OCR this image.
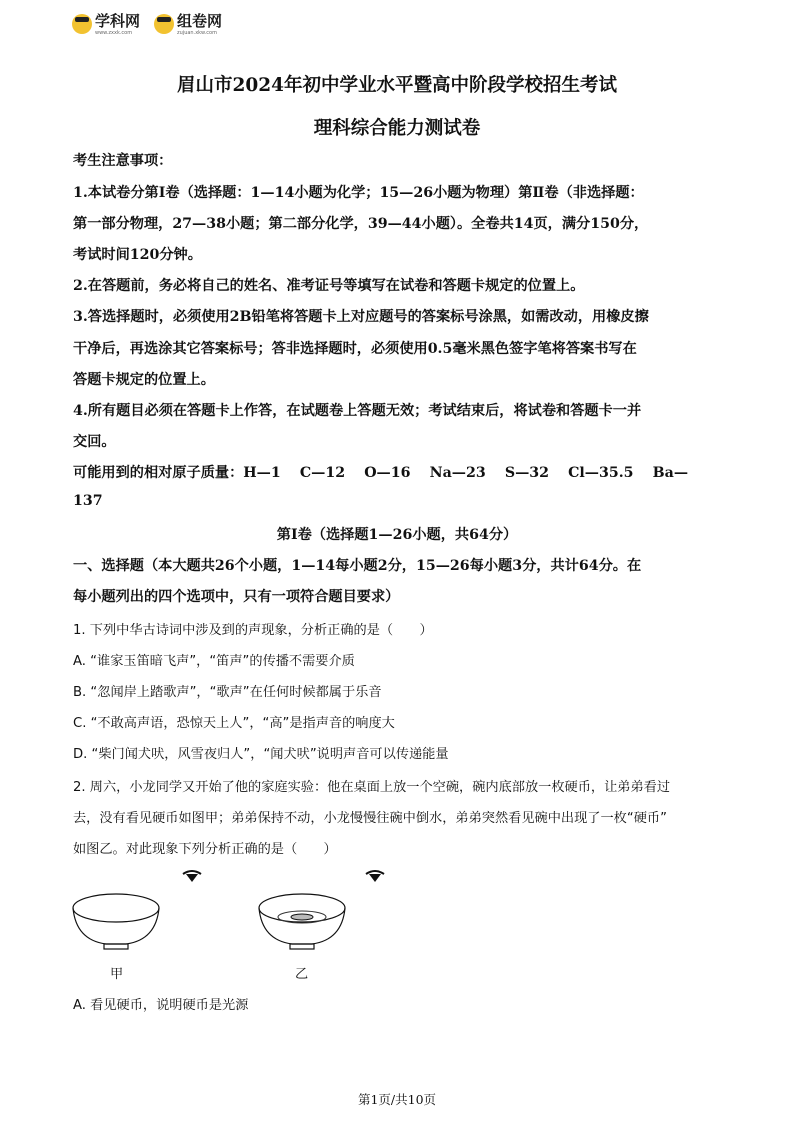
学科网
www.zxxk.com
组卷网
zujuan.xkw.com
眉山市2024年初中学业水平暨高中阶段学校招生考试
理科综合能力测试卷
考生注意事项：
1.本试卷分第Ⅰ卷（选择题：1—14小题为化学；15—26小题为物理）第Ⅱ卷（非选择题：
第一部分物理，27—38小题；第二部分化学，39—44小题）。全卷共14页，满分150分，
考试时间120分钟。
2.在答题前，务必将自己的姓名、准考证号等填写在试卷和答题卡规定的位置上。
3.答选择题时，必须使用2B铅笔将答题卡上对应题号的答案标号涂黑，如需改动，用橡皮擦
干净后，再选涂其它答案标号；答非选择题时，必须使用0.5毫米黑色签字笔将答案书写在
答题卡规定的位置上。
4.所有题目必须在答题卡上作答，在试题卷上答题无效；考试结束后，将试卷和答题卡一并
交回。
可能用到的相对原子质量：H—1　 C—12　 O—16　 Na—23　 S—32　 Cl—35.5　 Ba—
137
第Ⅰ卷（选择题1—26小题，共64分）
一、选择题（本大题共26个小题，1—14每小题2分，15—26每小题3分，共计64分。在
每小题列出的四个选项中，只有一项符合题目要求）
1. 下列中华古诗词中涉及到的声现象，分析正确的是（　　）
A. “谁家玉笛暗飞声”，“笛声”的传播不需要介质
B. “忽闻岸上踏歌声”，“歌声”在任何时候都属于乐音
C. “不敢高声语，恐惊天上人”，“高”是指声音的响度大
D. “柴门闻犬吠，风雪夜归人”，“闻犬吠”说明声音可以传递能量
2. 周六，小龙同学又开始了他的家庭实验：他在桌面上放一个空碗，碗内底部放一枚硬币，让弟弟看过
去，没有看见硬币如图甲；弟弟保持不动，小龙慢慢往碗中倒水，弟弟突然看见碗中出现了一枚“硬币”
如图乙。对此现象下列分析正确的是（　　）
甲	乙
A. 看见硬币，说明硬币是光源
第1页/共10页
